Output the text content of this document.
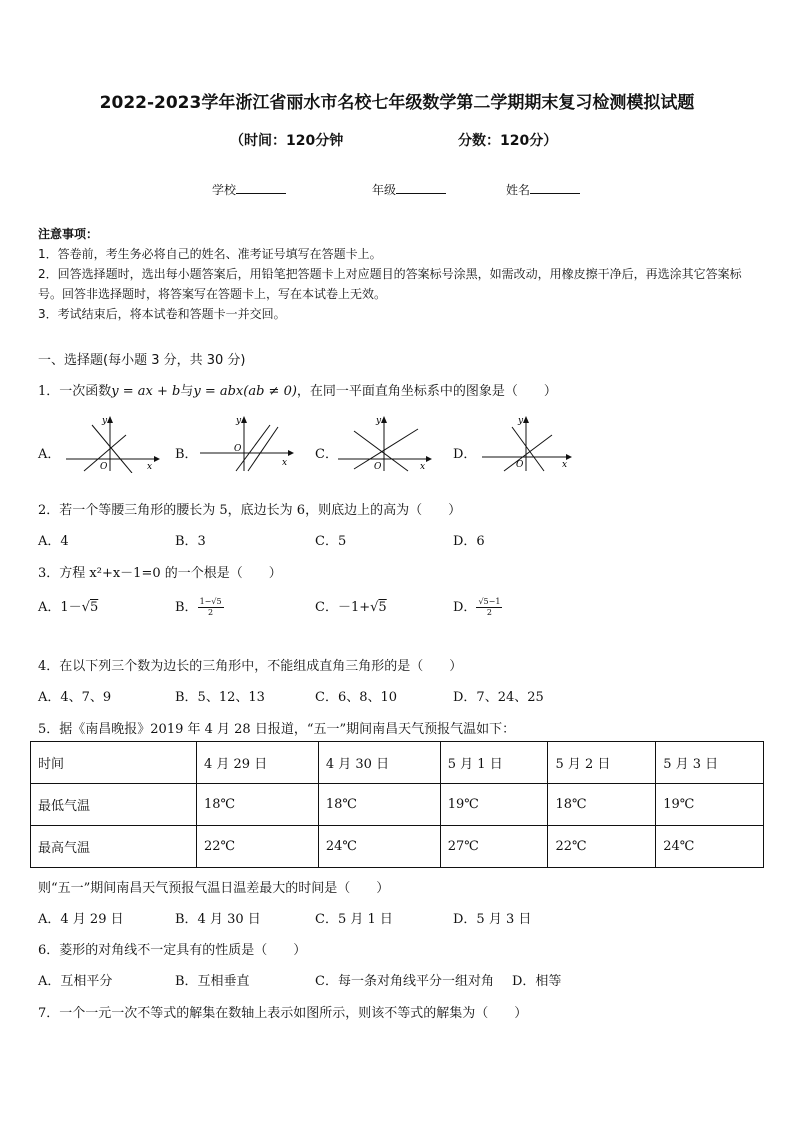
2022-2023学年浙江省丽水市名校七年级数学第二学期期末复习检测模拟试题
（时间：120分钟	分数：120分）
学校	年级	姓名
注意事项：
1．答卷前，考生务必将自己的姓名、准考证号填写在答题卡上。
2．回答选择题时，选出每小题答案后，用铅笔把答题卡上对应题目的答案标号涂黑，如需改动，用橡皮擦干净后，再选涂其它答案标号。回答非选择题时，将答案写在答题卡上，写在本试卷上无效。
3．考试结束后，将本试卷和答题卡一并交回。
一、选择题(每小题 3 分，共 30 分)
1．一次函数y = ax + b与y = abx(ab ≠ 0)，在同一平面直角坐标系中的图象是（　　）
A．	B．	C．	D．
x
y
O	x
y
O
x
y
O	x
y
O
2．若一个等腰三角形的腰长为 5，底边长为 6，则底边上的高为（　　）
A．4	B．3	C．5	D．6
3．方程 x²+x－1=0 的一个根是（　　）
A．1－√5	B． $\frac{1-√5}{2}$	C．－1+√5	D． $\frac{√5-1}{2}$
4．在以下列三个数为边长的三角形中，不能组成直角三角形的是（　　）
A．4、7、9	B．5、12、13	C．6、8、10	D．7、24、25
5．据《南昌晚报》2019 年 4 月 28 日报道，“五一”期间南昌天气预报气温如下：
时间	4 月 29 日	4 月 30 日	5 月 1 日	5 月 2 日	5 月 3 日
最低气温	18℃	18℃	19℃	18℃	19℃
最高气温	22℃	24℃	27℃	22℃	24℃
则“五一”期间南昌天气预报气温日温差最大的时间是（　　）
A．4 月 29 日	B．4 月 30 日	C．5 月 1 日	D．5 月 3 日
6．菱形的对角线不一定具有的性质是（　　）
A．互相平分	B．互相垂直	C．每一条对角线平分一组对角 D．相等
7．一个一元一次不等式的解集在数轴上表示如图所示，则该不等式的解集为（　　）
